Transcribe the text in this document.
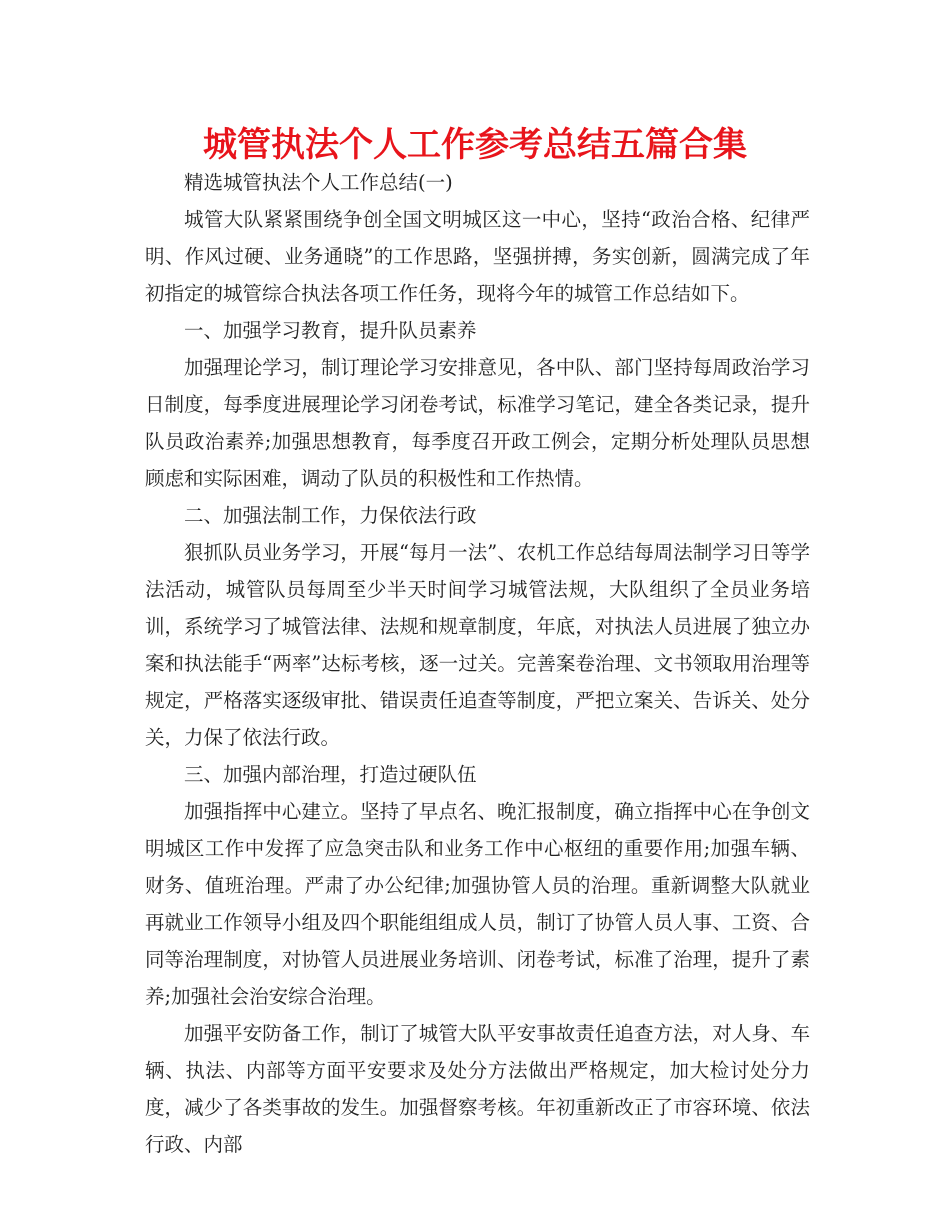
城管执法个人工作参考总结五篇合集

精选城管执法个人工作总结(一)

城管大队紧紧围绕争创全国文明城区这一中心，坚持“政治合格、纪律严明、作风过硬、业务通晓”的工作思路，坚强拼搏，务实创新，圆满完成了年初指定的城管综合执法各项工作任务，现将今年的城管工作总结如下。

一、加强学习教育，提升队员素养

加强理论学习，制订理论学习安排意见，各中队、部门坚持每周政治学习日制度，每季度进展理论学习闭卷考试，标准学习笔记，建全各类记录，提升队员政治素养;加强思想教育，每季度召开政工例会，定期分析处理队员思想顾虑和实际困难，调动了队员的积极性和工作热情。

二、加强法制工作，力保依法行政

狠抓队员业务学习，开展“每月一法”、农机工作总结每周法制学习日等学法活动，城管队员每周至少半天时间学习城管法规，大队组织了全员业务培训，系统学习了城管法律、法规和规章制度，年底，对执法人员进展了独立办案和执法能手“两率”达标考核，逐一过关。完善案卷治理、文书领取用治理等规定，严格落实逐级审批、错误责任追查等制度，严把立案关、告诉关、处分关，力保了依法行政。

三、加强内部治理，打造过硬队伍

加强指挥中心建立。坚持了早点名、晚汇报制度，确立指挥中心在争创文明城区工作中发挥了应急突击队和业务工作中心枢纽的重要作用;加强车辆、财务、值班治理。严肃了办公纪律;加强协管人员的治理。重新调整大队就业再就业工作领导小组及四个职能组组成人员，制订了协管人员人事、工资、合同等治理制度，对协管人员进展业务培训、闭卷考试，标准了治理，提升了素养;加强社会治安综合治理。

加强平安防备工作，制订了城管大队平安事故责任追查方法，对人身、车辆、执法、内部等方面平安要求及处分方法做出严格规定，加大检讨处分力度，减少了各类事故的发生。加强督察考核。年初重新改正了市容环境、依法行政、内部
